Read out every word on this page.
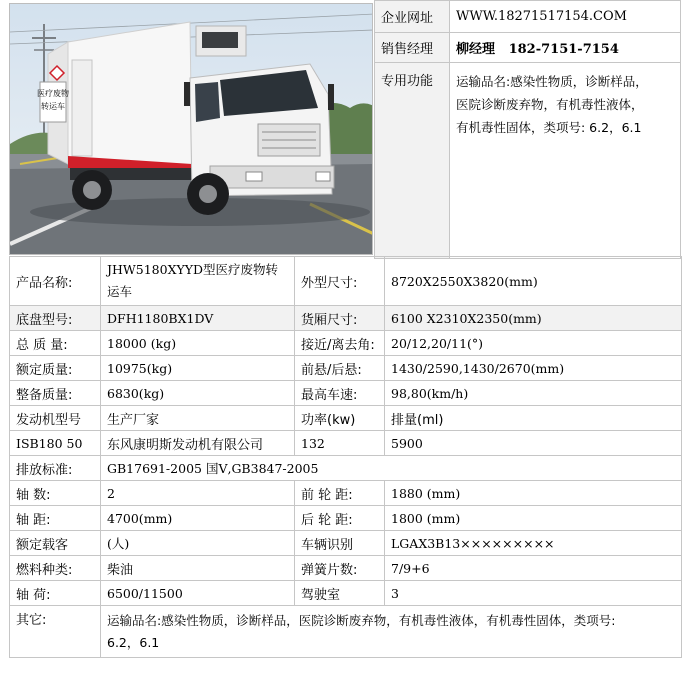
医疗废物
转运车
企业网址	WWW.18271517154.COM
销售经理	柳经理 182-7151-7154
专用功能	运输品名:感染性物质，诊断样品，
医院诊断废弃物，有机毒性液体，
有机毒性固体，类项号: 6.2，6.1
产品名称:	JHW5180XYYD型医疗废物转运车	外型尺寸:	8720X2550X3820(mm)
底盘型号:	DFH1180BX1DV	货厢尺寸:	6100 X2310X2350(mm)
总 质 量:	18000 (kg)	接近/离去角:	20/12,20/11(°)
额定质量:	10975(kg)	前悬/后悬:	1430/2590,1430/2670(mm)
整备质量:	6830(kg)	最高车速:	98,80(km/h)
发动机型号	生产厂家	功率(kw)	排量(ml)
ISB180 50	东风康明斯发动机有限公司	132	5900
排放标准:	GB17691-2005 国Ⅴ,GB3847-2005		
轴 数:	2	前 轮 距:	1880 (mm)
轴 距:	4700(mm)	后 轮 距:	1800 (mm)
额定载客	(人)	车辆识别	LGAX3B13×××××××××
燃料种类:	柴油	弹簧片数:	7/9+6
轴 荷:	6500/11500	驾驶室	3
其它:	运输品名:感染性物质，诊断样品，医院诊断废弃物，有机毒性液体，有机毒性固体，类项号:
6.2，6.1		
